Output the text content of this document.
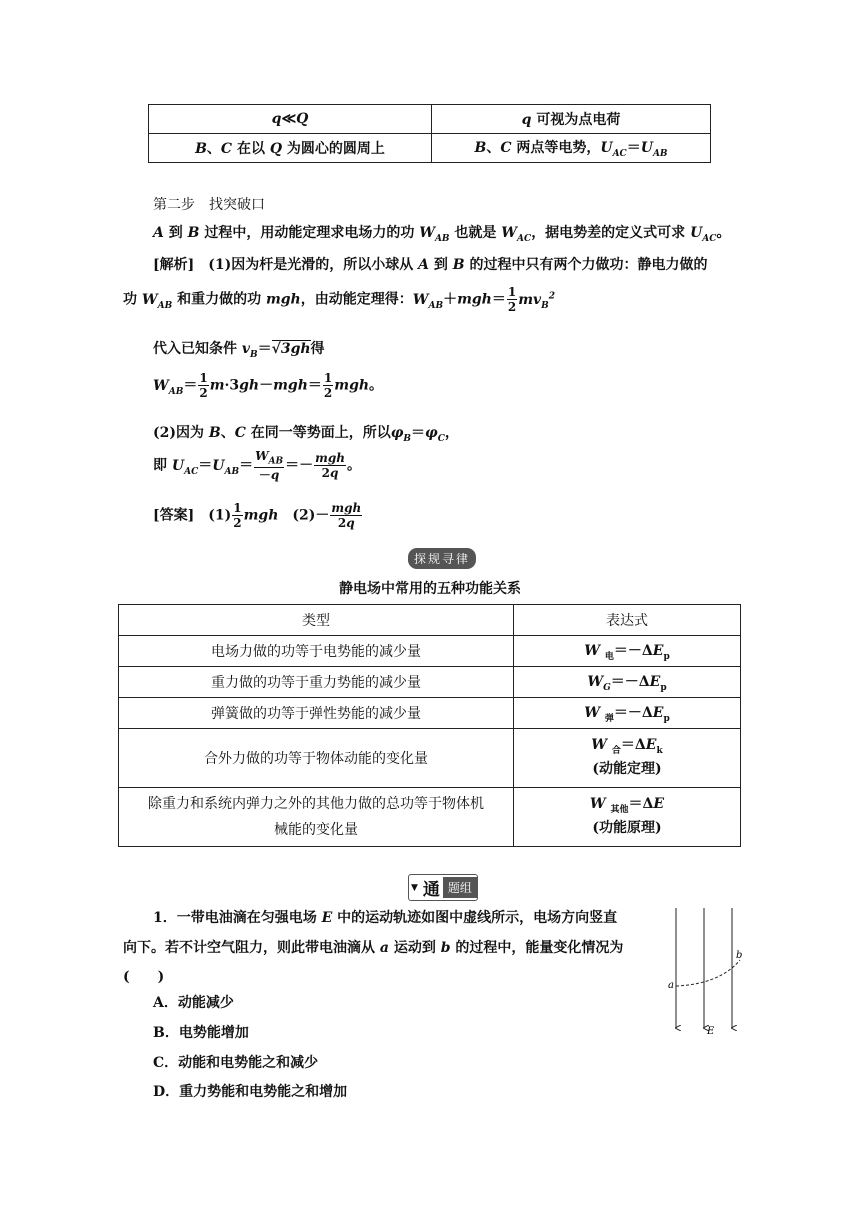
q≪Q	q 可视为点电荷
B、C 在以 Q 为圆心的圆周上	B、C 两点等电势，$U_{AC}=U_{AB}$
第二步　找突破口
A 到 B 过程中，用动能定理求电场力的功 $W_{AB}$ 也就是 $W_{AC}$，据电势差的定义式可求 $U_{AC}$。
[解析]　(1)因为杆是光滑的，所以小球从 A 到 B 的过程中只有两个力做功：静电力做的
功 $W_{AB}$ 和重力做的功 mgh，由动能定理得：$W_{AB}+mgh= \frac{1}{2} mv_B^2$
代入已知条件 $v_B=√3gh$得
$W_{AB}= \frac{1}{2} m\cdot 3gh-mgh= \frac{1}{2}$ mgh。
(2)因为 B、C 在同一等势面上，所以$\varphi_B=\varphi_C$，
即 $U_{AC}=U_{AB}= \frac{W_{AB}}{-q} =- \frac{\text{mgh}}{2q}$ 。
[答案]　$(1) \frac{1}{2}$ mgh　$(2)- \frac{\text{mgh}}{2q}$
探规寻律
静电场中常用的五种功能关系
类型	表达式
电场力做的功等于电势能的减少量	W $_电=-\Delta E_p$
重力做的功等于重力势能的减少量	$W_G=-\Delta E_p$
弹簧做的功等于弹性势能的减少量	W $_弹=-\Delta E_p$
合外力做的功等于物体动能的变化量	W $_合=\Delta E_k$
(动能定理)
除重力和系统内弹力之外的其他力做的总功等于物体机
械能的变化量	W $_{其他}$＝ΔE
(功能原理)
▼ 通 题组
1．一带电油滴在匀强电场 E 中的运动轨迹如图中虚线所示，电场方向竖直
向下。若不计空气阻力，则此带电油滴从 a 运动到 b 的过程中，能量变化情况为
(　　)
A．动能减少
B．电势能增加
C．动能和电势能之和减少
D．重力势能和电势能之和增加
a
b
E
